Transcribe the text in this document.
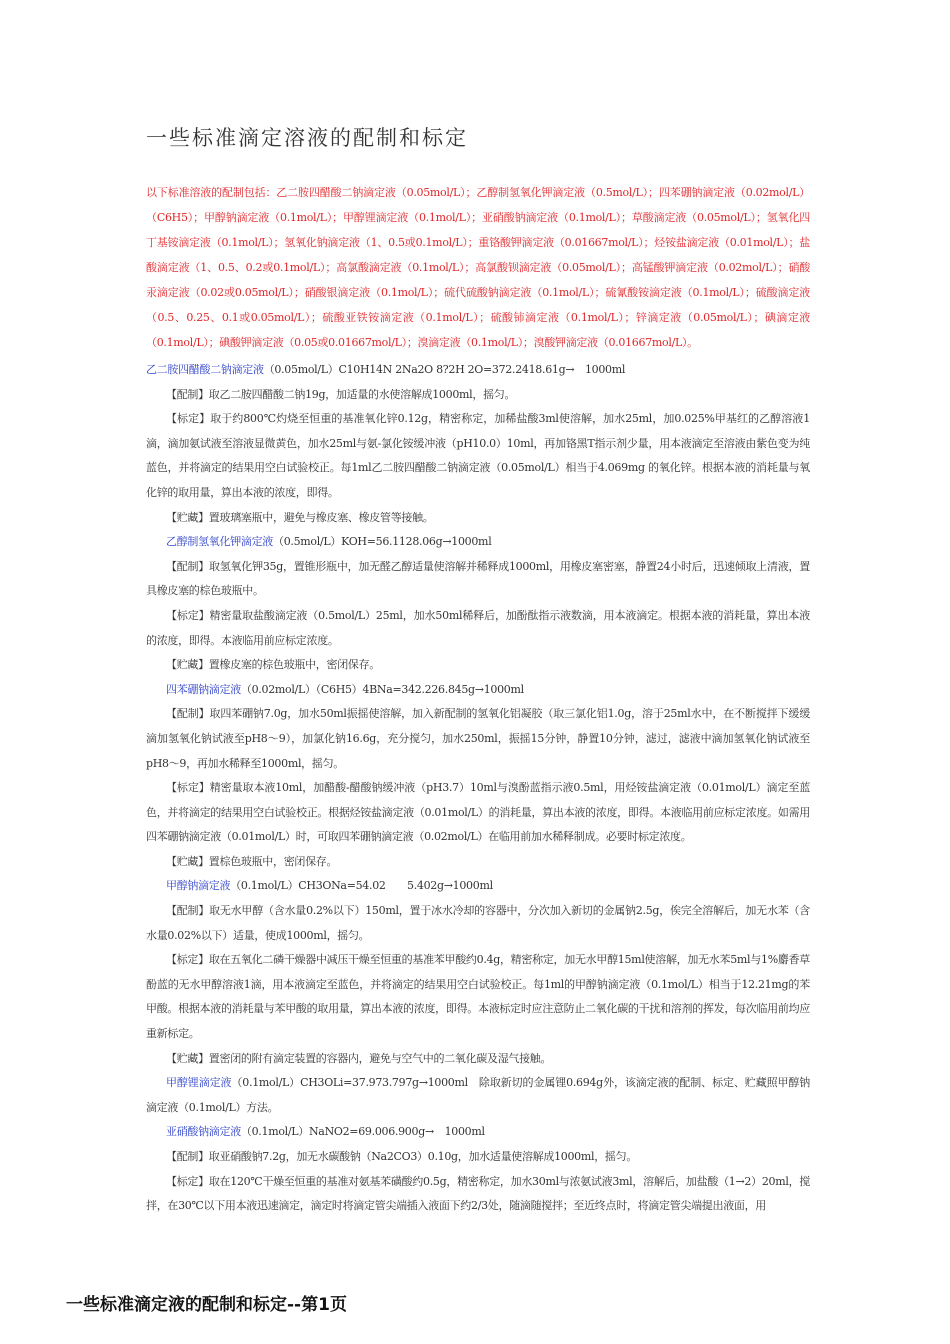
一些标准滴定溶液的配制和标定
以下标准溶液的配制包括：乙二胺四醋酸二钠滴定液（0.05mol/L）；乙醇制氢氧化钾滴定液（0.5mol/L）；四苯硼钠滴定液（0.02mol/L）（C6H5）；甲醇钠滴定液（0.1mol/L）；甲醇锂滴定液（0.1mol/L）；亚硝酸钠滴定液（0.1mol/L）；草酸滴定液（0.05mol/L）；氢氧化四丁基铵滴定液（0.1mol/L）；氢氧化钠滴定液（1、0.5或0.1mol/L）；重铬酸钾滴定液（0.01667mol/L）；烃铵盐滴定液（0.01mol/L）；盐酸滴定液（1、0.5、0.2或0.1mol/L）；高氯酸滴定液（0.1mol/L）；高氯酸钡滴定液（0.05mol/L）；高锰酸钾滴定液（0.02mol/L）；硝酸汞滴定液（0.02或0.05mol/L）；硝酸银滴定液（0.1mol/L）；硫代硫酸钠滴定液（0.1mol/L）；硫氰酸铵滴定液（0.1mol/L）；硫酸滴定液（0.5、0.25、0.1或0.05mol/L）；硫酸亚铁铵滴定液（0.1mol/L）；硫酸铈滴定液（0.1mol/L）；锌滴定液（0.05mol/L）；碘滴定液（0.1mol/L）；碘酸钾滴定液（0.05或0.01667mol/L）；溴滴定液（0.1mol/L）；溴酸钾滴定液（0.01667mol/L）。

乙二胺四醋酸二钠滴定液（0.05mol/L）C10H14N 2Na2O 8?2H 2O=372.2418.61g→　1000ml

【配制】取乙二胺四醋酸二钠19g，加适量的水使溶解成1000ml，摇匀。

【标定】取于约800℃灼烧至恒重的基准氧化锌0.12g，精密称定，加稀盐酸3ml使溶解，加水25ml，加0.025%甲基红的乙醇溶液1滴，滴加氨试液至溶液显微黄色，加水25ml与氨-氯化铵缓冲液（pH10.0）10ml，再加铬黑T指示剂少量，用本液滴定至溶液由紫色变为纯蓝色，并将滴定的结果用空白试验校正。每1ml乙二胺四醋酸二钠滴定液（0.05mol/L）相当于4.069mg 的氧化锌。根据本液的消耗量与氧化锌的取用量，算出本液的浓度，即得。

【贮藏】置玻璃塞瓶中，避免与橡皮塞、橡皮管等接触。

乙醇制氢氧化钾滴定液（0.5mol/L）KOH=56.1128.06g→1000ml

【配制】取氢氧化钾35g，置锥形瓶中，加无醛乙醇适量使溶解并稀释成1000ml，用橡皮塞密塞，静置24小时后，迅速倾取上清液，置具橡皮塞的棕色玻瓶中。

【标定】精密量取盐酸滴定液（0.5mol/L）25ml，加水50ml稀释后，加酚酞指示液数滴，用本液滴定。根据本液的消耗量，算出本液的浓度，即得。本液临用前应标定浓度。

【贮藏】置橡皮塞的棕色玻瓶中，密闭保存。

四苯硼钠滴定液（0.02mol/L）（C6H5）4BNa=342.226.845g→1000ml

【配制】取四苯硼钠7.0g，加水50ml振摇使溶解，加入新配制的氢氧化铝凝胶（取三氯化铝1.0g，溶于25ml水中，在不断搅拌下缓缓滴加氢氧化钠试液至pH8～9），加氯化钠16.6g，充分搅匀，加水250ml，振摇15分钟，静置10分钟，滤过，滤液中滴加氢氧化钠试液至pH8～9，再加水稀释至1000ml，摇匀。

【标定】精密量取本液10ml，加醋酸-醋酸钠缓冲液（pH3.7）10ml与溴酚蓝指示液0.5ml，用烃铵盐滴定液（0.01mol/L）滴定至蓝色，并将滴定的结果用空白试验校正。根据烃铵盐滴定液（0.01mol/L）的消耗量，算出本液的浓度，即得。本液临用前应标定浓度。如需用四苯硼钠滴定液（0.01mol/L）时，可取四苯硼钠滴定液（0.02mol/L）在临用前加水稀释制成。必要时标定浓度。

【贮藏】置棕色玻瓶中，密闭保存。

甲醇钠滴定液（0.1mol/L）CH3ONa=54.02　　5.402g→1000ml

【配制】取无水甲醇（含水量0.2%以下）150ml，置于冰水冷却的容器中，分次加入新切的金属钠2.5g，俟完全溶解后，加无水苯（含水量0.02%以下）适量，使成1000ml，摇匀。

【标定】取在五氧化二磷干燥器中减压干燥至恒重的基准苯甲酸约0.4g，精密称定，加无水甲醇15ml使溶解，加无水苯5ml与1%麝香草酚蓝的无水甲醇溶液1滴，用本液滴定至蓝色，并将滴定的结果用空白试验校正。每1ml的甲醇钠滴定液（0.1mol/L）相当于12.21mg的苯甲酸。根据本液的消耗量与苯甲酸的取用量，算出本液的浓度，即得。本液标定时应注意防止二氧化碳的干扰和溶剂的挥发，每次临用前均应重新标定。

【贮藏】置密闭的附有滴定装置的容器内，避免与空气中的二氧化碳及湿气接触。

甲醇锂滴定液（0.1mol/L）CH3OLi=37.973.797g→1000ml　除取新切的金属锂0.694g外，该滴定液的配制、标定、贮藏照甲醇钠滴定液（0.1mol/L）方法。

亚硝酸钠滴定液（0.1mol/L）NaNO2=69.006.900g→　1000ml

【配制】取亚硝酸钠7.2g，加无水碳酸钠（Na2CO3）0.10g，加水适量使溶解成1000ml，摇匀。

【标定】取在120℃干燥至恒重的基准对氨基苯磺酸约0.5g，精密称定，加水30ml与浓氨试液3ml，溶解后，加盐酸（1→2）20ml，搅拌，在30℃以下用本液迅速滴定，滴定时将滴定管尖端插入液面下约2/3处，随滴随搅拌；至近终点时，将滴定管尖端提出液面，用

一些标准滴定液的配制和标定--第1页
